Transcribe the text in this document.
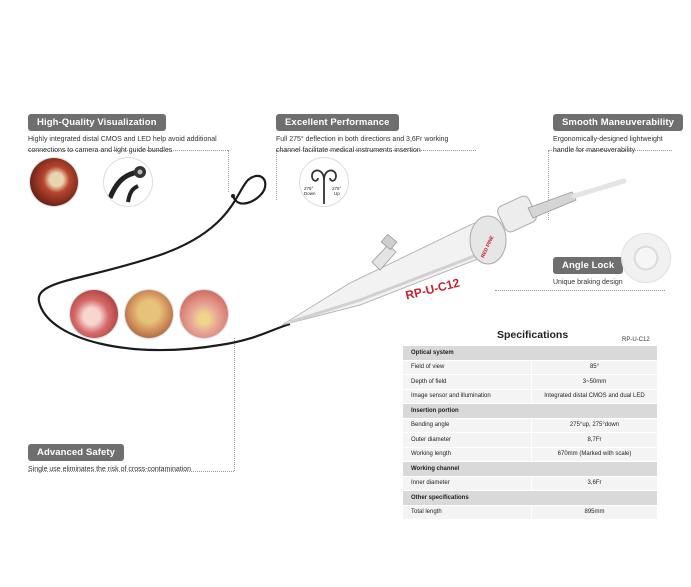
RED PINE
RP-U-C12
High-Quality Visualization
Highly integrated distal CMOS and LED help avoid additional
connections to camera and light guide bundles
Excellent Performance
Full 275° deflection in both directions and 3,6Fr working
channel facilitate medical instruments insertion
275°
Down
275°
Up
Smooth Maneuverability
Ergonomically-designed lightweight
handle for maneuverability
Angle Lock
Unique braking design
Advanced Safety
Single use eliminates the risk of cross-contamination
Specifications	RP-U-C12
Optical system	
Field of view	85°
Depth of field	3~50mm
Image sensor and illumination	Integrated distal CMOS and dual LED
Insertion portion	
Bending angle	275°up, 275°down
Outer diameter	8,7Fr
Working length	670mm (Marked with scale)
Working channel	
Inner diameter	3,6Fr
Other specifications	
Total length	895mm
